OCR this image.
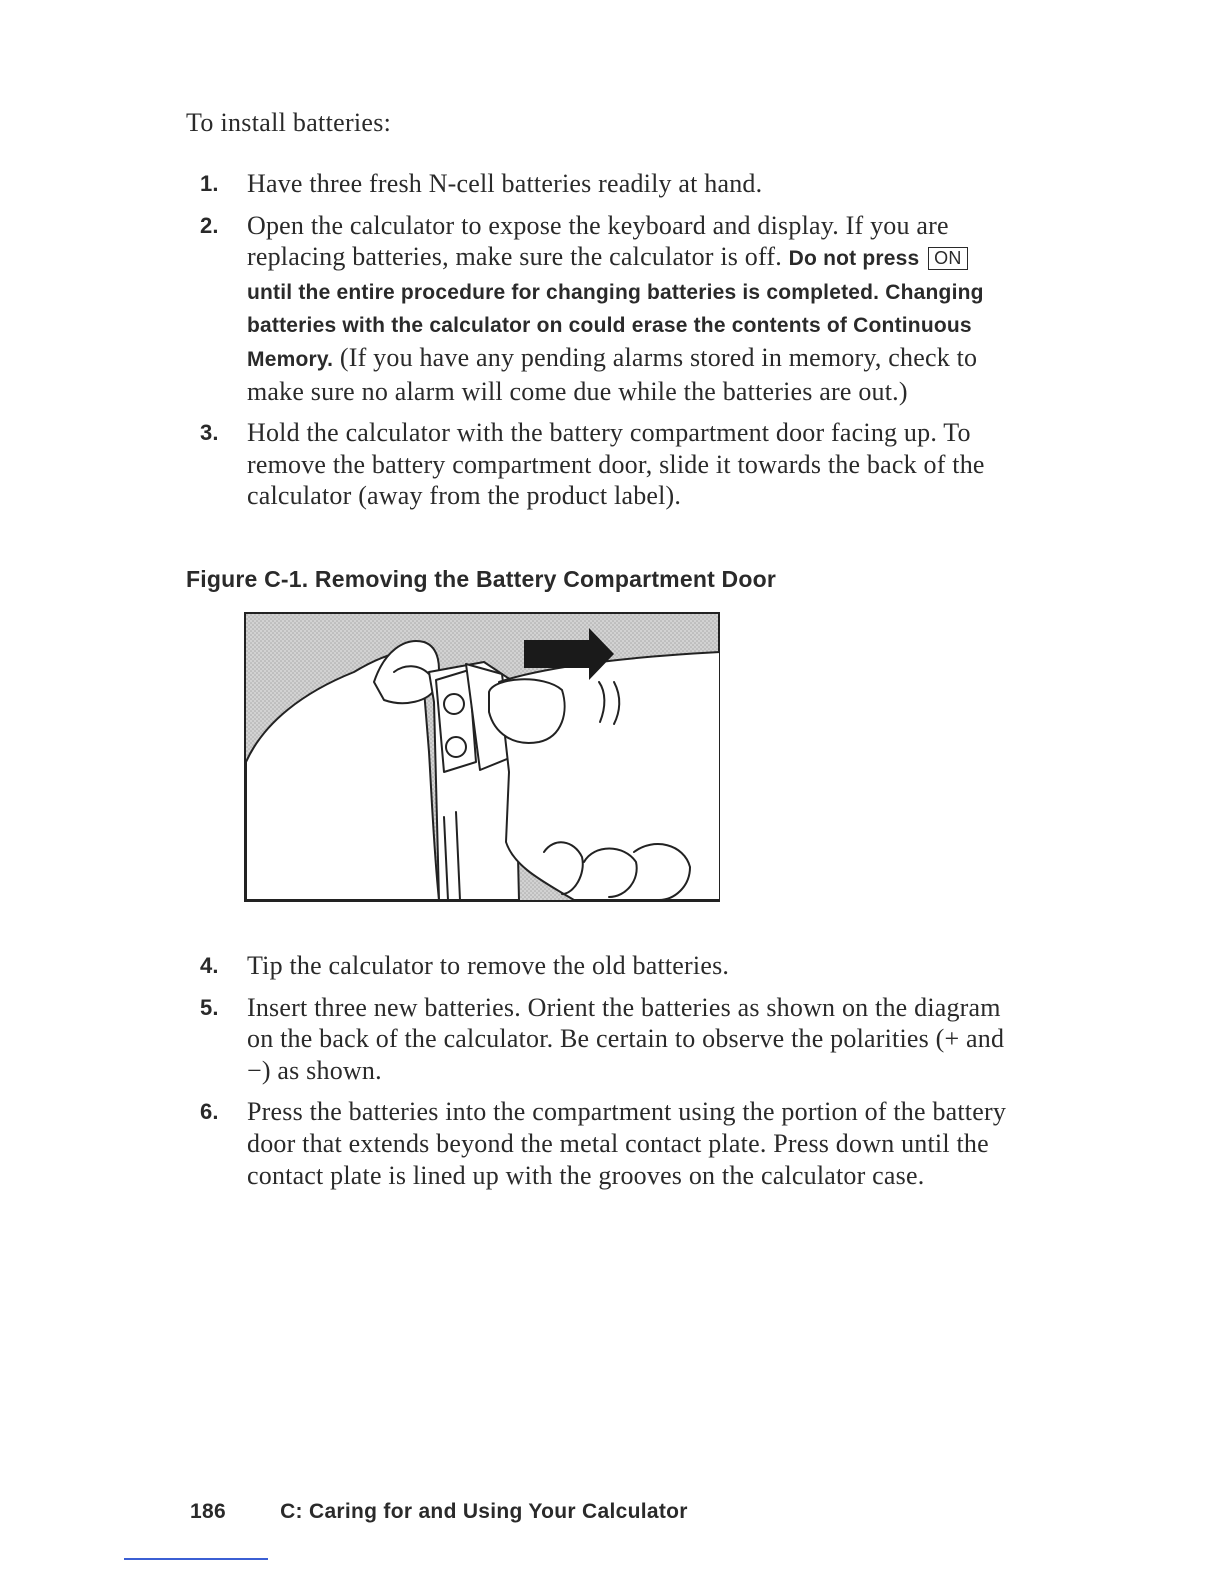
To install batteries:
1. Have three fresh N-cell batteries readily at hand.
2. Open the calculator to expose the keyboard and display. If you are replacing batteries, make sure the calculator is off. Do not press ON until the entire procedure for changing batteries is completed. Changing batteries with the calculator on could erase the contents of Continuous Memory. (If you have any pending alarms stored in memory, check to make sure no alarm will come due while the batteries are out.)
3. Hold the calculator with the battery compartment door facing up. To remove the battery compartment door, slide it towards the back of the calculator (away from the product label).
Figure C-1. Removing the Battery Compartment Door
4. Tip the calculator to remove the old batteries.
5. Insert three new batteries. Orient the batteries as shown on the diagram on the back of the calculator. Be certain to observe the polarities (+ and −) as shown.
6. Press the batteries into the compartment using the portion of the battery door that extends beyond the metal contact plate. Press down until the contact plate is lined up with the grooves on the calculator case.
186	C: Caring for and Using Your Calculator
